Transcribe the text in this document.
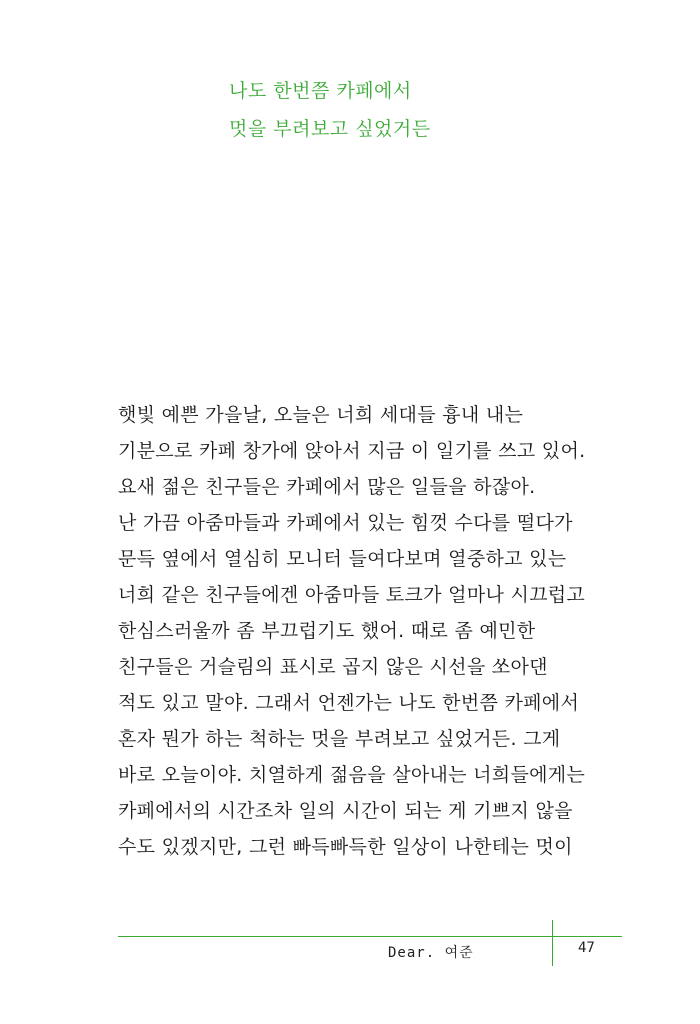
나도 한번쯤 카페에서
멋을 부려보고 싶었거든
햇빛 예쁜 가을날, 오늘은 너희 세대들 흉내 내는
기분으로 카페 창가에 앉아서 지금 이 일기를 쓰고 있어.
요새 젊은 친구들은 카페에서 많은 일들을 하잖아.
난 가끔 아줌마들과 카페에서 있는 힘껏 수다를 떨다가
문득 옆에서 열심히 모니터 들여다보며 열중하고 있는
너희 같은 친구들에겐 아줌마들 토크가 얼마나 시끄럽고
한심스러울까 좀 부끄럽기도 했어. 때로 좀 예민한
친구들은 거슬림의 표시로 곱지 않은 시선을 쏘아댄
적도 있고 말야. 그래서 언젠가는 나도 한번쯤 카페에서
혼자 뭔가 하는 척하는 멋을 부려보고 싶었거든. 그게
바로 오늘이야. 치열하게 젊음을 살아내는 너희들에게는
카페에서의 시간조차 일의 시간이 되는 게 기쁘지 않을
수도 있겠지만, 그런 빠득빠득한 일상이 나한테는 멋이
Dear. 여준	47
